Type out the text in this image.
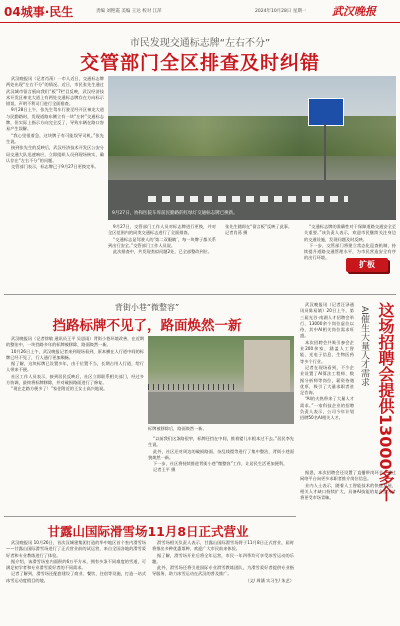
04城事·民生	责编 刘艳霞 美编 王达 校对 江萍	2024年10月28日 星期一 武汉晚报
市民发现交通标志牌“左右不分”
交管部门全区排查及时纠错

武汉晚报讯（记者肖荡）一市人近日，交通标志牌两处出现“左右不分”的情况。近日，市民张先生通过武汉城市留言板向我们“板”7栏目反映，武汉经济技术开发区神龙大道上有两处交通标志牌存在方向标示错误，声明不利司门进行全面排查。

9月28日上午，张先生驾车行驶至经开区神龙大道与民勤路时，发现道路东侧立有一块“左转”交通标志牌，但实际上指示方向完全反了，导致车辆在路口容易产生误解。

“我心里很着急，这块牌子有可能误导司机。”张先生说。

接到张先生的反映后，武汉经济技术开发区公安分局交通大队迅速响应，立即组织人员到现场核实，确认存在“左右不分”的问题。

交管部门表示，标志牌已于9月27日更换完毕。

9月27日，协和医院车库前民勤路的红绿灯交通标志牌已换新。

9月27日，交管部门工作人员对标志牌进行更换，并对全区范围内的同类交通标志进行了全面排查。

“交通标志是驾驶人的‘第二双眼睛’，每一块牌子都关系到出行安全。”交管部门工作人员说。

此次排查中，共发现类似问题2处，已全部整改到位。

张先生随即在“留言板”反映了此事。

记者肖荡 摄

“交通标志牌的准确性对于保障道路交通安全至关重要。”该负责人表示，欢迎市民继续关注身边的交通设施，发现问题及时反映。

下一步，交管部门将建立常态化巡查机制，持续提升道路交通管理水平，为市民营造安全有序的出行环境。

扩板
背街小巷“微整容”
挡路标牌不见了，路面焕然一新

武汉晚报讯（记者徐敏 通讯员王平 吴思雨）背街小巷环境改善，在近期的整治中，一块挡路多年的标牌被移除，路面焕然一新。

10月26日上午，武汉晚报记者来到现场看到，原本横在人行道中间的标牌已经不见了，行人通行更加顺畅。

据了解，这块标牌已设置多年，由于位置不当，长期占用人行道，给行人带来不便。

社区工作人员表示，接到居民反映后，社区立即联系相关部门，经过多方协调，最终将标牌移除，并对破损路面进行了修复。

“现在走路方便多了！”家住附近的王女士高兴地说。

标牌被移除后，路面焕然一新。

“以前我们这条路很窄，标牌还挡在中间，推着婴儿车根本过不去。”居民李先生说。

此外，社区还对周边的破损路面、杂乱线缆等进行了集中整治，背街小巷面貌焕然一新。

下一步，社区将持续推进背街小巷“微整容”工作，让居民生活更加便利。

记者王平 摄	这场招聘会提供13000多个
AI催生大量人才需求

武汉晚报讯（记者汪泽通讯员陈易婧）20日上午，第三届光谷·南湖人才招聘会举行，13000余个岗位虚位以待，其中AI相关岗位需求旺盛。

本次招聘会共吸引参会企业200余家，涵盖人工智能、光电子信息、生物医药等多个行业。

记者在现场看到，不少企业设置了AI算法工程师、数据分析师等岗位，薪资待遇优厚，吸引了大量求职者驻足咨询。

“AI的火热带来了大量人才需求。”一家科技企业的招聘负责人表示，公司今年计划招聘50名AI相关人才。

据悉，本次招聘会还设置了直播带岗环节，通过网络平台向更多求职者推介岗位信息。

业内人士表示，随着人工智能技术的快速发展，相关人才缺口持续扩大，具备AI技能的复合型人才将更受市场青睐。

甘露山国际滑雪场11月8日正式营业

武汉晚报讯 10月26日，首次汉城建集团打造的华中地区首个室内滑雪场——甘露山国际滑雪场进行了正式营业前的试运营，来自全国各地的滑雪爱好者和专业教练进行了体验。

据介绍，该滑雪场室内面积约6万平方米，拥有多条不同难度的雪道，可满足初学者和专业滑雪爱好者的不同需求。

记者了解到，滑雪场还配套建设了商业、餐饮、住宿等设施，打造一站式冰雪运动度假目的地。

滑雪场相关负责人表示，甘露山国际滑雪场将于11月8日正式营业，届时将推出多种优惠票种，欢迎广大市民前来体验。

据了解，滑雪场开业后将全年运营，市民一年四季均可享受冰雪运动的乐趣。

此外，滑雪场还将引进国际专业滑雪教练团队，为滑雪爱好者提供专业指导服务，助力冰雪运动在武汉的普及推广。

（文/ 周涵 实习生/ 朱艺）
